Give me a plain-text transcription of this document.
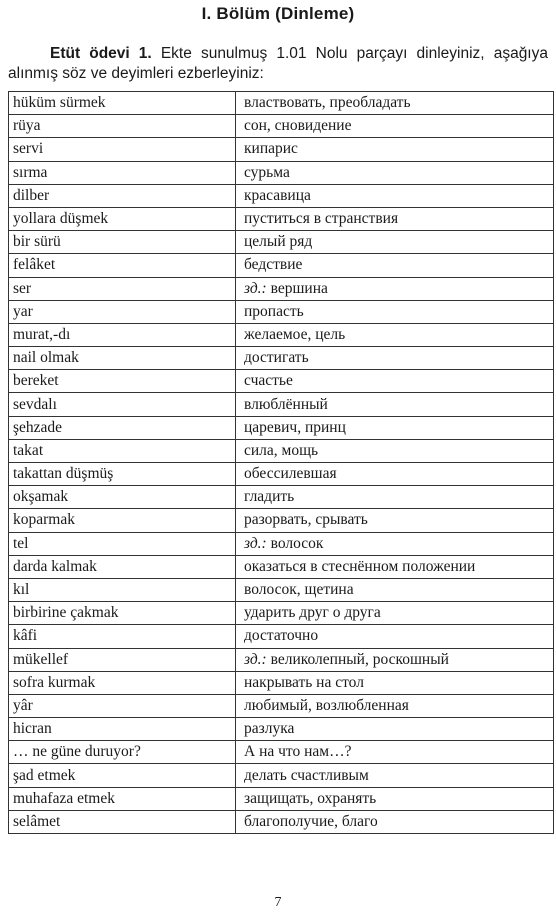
I. Bölüm (Dinleme)

Etüt ödevi 1. Ekte sunulmuş 1.01 Nolu parçayı dinleyiniz, aşağıya alınmış söz ve deyimleri ezberleyiniz:

hüküm sürmek	властвовать, преобладать
rüya	сон, сновидение
servi	кипарис
sırma	сурьма
dilber	красавица
yollara düşmek	пуститься в странствия
bir sürü	целый ряд
felâket	бедствие
ser	зд.: вершина
yar	пропасть
murat,-dı	желаемое, цель
nail olmak	достигать
bereket	счастье
sevdalı	влюблённый
şehzade	царевич, принц
takat	сила, мощь
takattan düşmüş	обессилевшая
okşamak	гладить
koparmak	разорвать, срывать
tel	зд.: волосок
darda kalmak	оказаться в стеснённом положении
kıl	волосок, щетина
birbirine çakmak	ударить друг о друга
kâfi	достаточно
mükellef	зд.: великолепный, роскошный
sofra kurmak	накрывать на стол
yâr	любимый, возлюбленная
hicran	разлука
… ne güne duruyor?	А на что нам…?
şad etmek	делать счастливым
muhafaza etmek	защищать, охранять
selâmet	благополучие, благо
7
